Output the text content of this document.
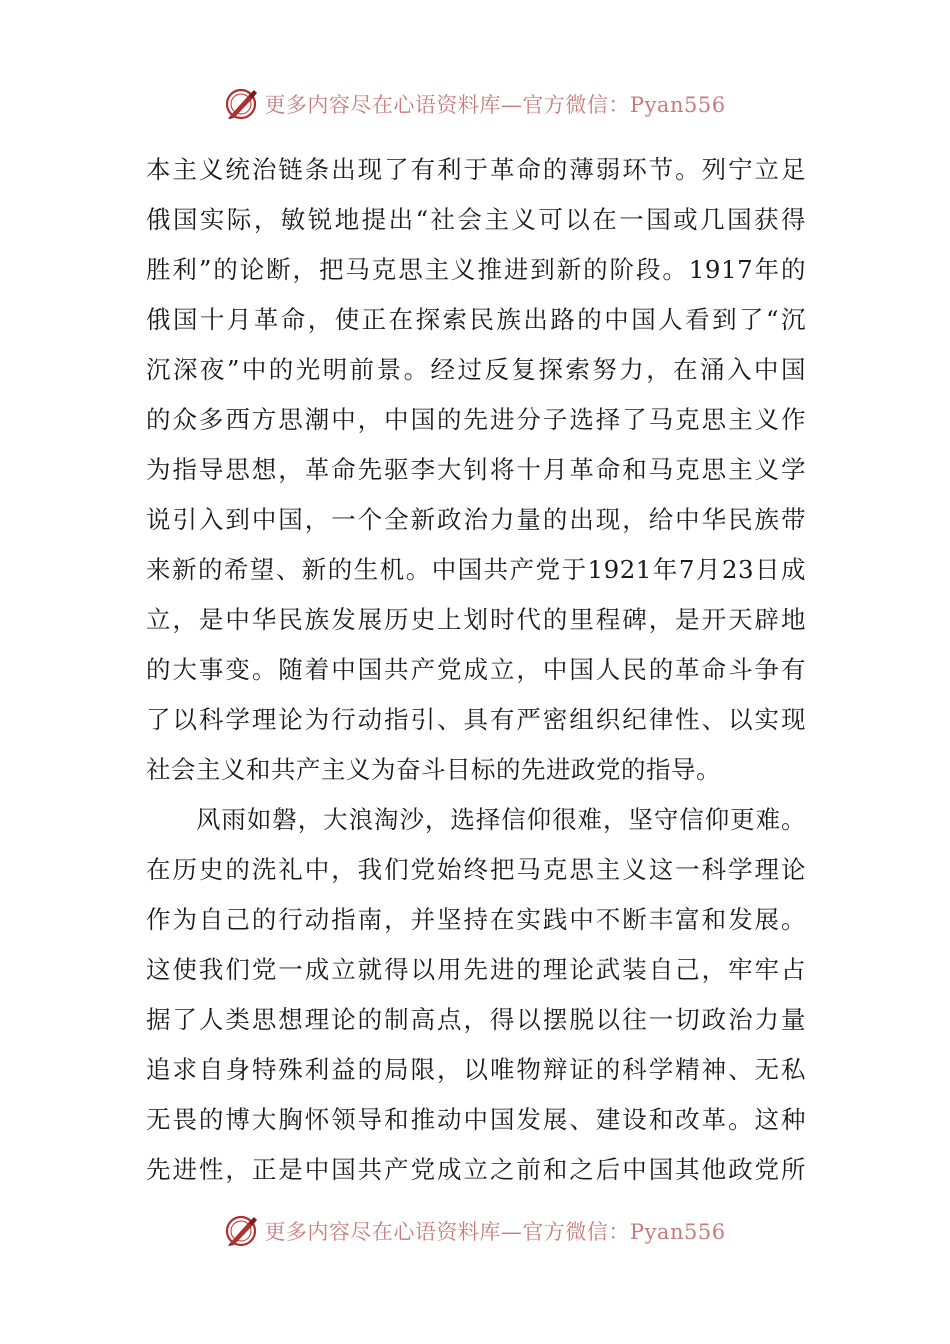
更多内容尽在心语资料库—官方微信：Pyan556
本主义统治链条出现了有利于革命的薄弱环节。列宁立足
俄国实际，敏锐地提出“社会主义可以在一国或几国获得
胜利”的论断，把马克思主义推进到新的阶段。1917年的
俄国十月革命，使正在探索民族出路的中国人看到了“沉
沉深夜”中的光明前景。经过反复探索努力，在涌入中国
的众多西方思潮中，中国的先进分子选择了马克思主义作
为指导思想，革命先驱李大钊将十月革命和马克思主义学
说引入到中国，一个全新政治力量的出现，给中华民族带
来新的希望、新的生机。中国共产党于1921年7月23日成
立，是中华民族发展历史上划时代的里程碑，是开天辟地
的大事变。随着中国共产党成立，中国人民的革命斗争有
了以科学理论为行动指引、具有严密组织纪律性、以实现
社会主义和共产主义为奋斗目标的先进政党的指导。
风雨如磐，大浪淘沙，选择信仰很难，坚守信仰更难。
在历史的洗礼中，我们党始终把马克思主义这一科学理论
作为自己的行动指南，并坚持在实践中不断丰富和发展。
这使我们党一成立就得以用先进的理论武装自己，牢牢占
据了人类思想理论的制高点，得以摆脱以往一切政治力量
追求自身特殊利益的局限，以唯物辩证的科学精神、无私
无畏的博大胸怀领导和推动中国发展、建设和改革。这种
先进性，正是中国共产党成立之前和之后中国其他政党所
更多内容尽在心语资料库—官方微信：Pyan556
